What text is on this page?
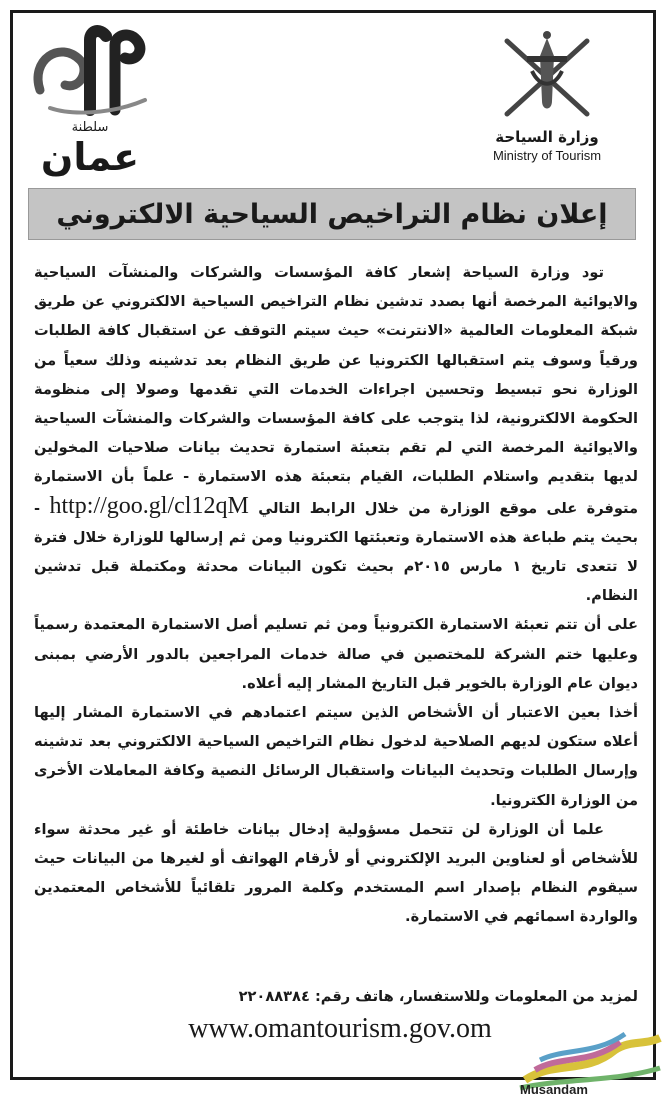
سلطنة
عمان	وزارة السياحة
Ministry of Tourism
إعلان نظام التراخيص السياحية الالكتروني

تود وزارة السياحة إشعار كافة المؤسسات والشركات والمنشآت السياحية والايوائية المرخصة أنها بصدد تدشين نظام التراخيص السياحية الالكتروني عن طريق شبكة المعلومات العالمية «الانترنت» حيث سيتم التوقف عن استقبال كافة الطلبات ورقياً وسوف يتم استقبالها الكترونيا عن طريق النظام بعد تدشينه وذلك سعياً من الوزارة نحو تبسيط وتحسين اجراءات الخدمات التي تقدمها وصولا إلى منظومة الحكومة الالكترونية، لذا يتوجب على كافة المؤسسات والشركات والمنشآت السياحية والايوائية المرخصة التي لم تقم بتعبئة استمارة تحديث بيانات صلاحيات المخولين لديها بتقديم واستلام الطلبات، القيام بتعبئة هذه الاستمارة - علماً بأن الاستمارة متوفرة على موقع الوزارة من خلال الرابط التالي http://goo.gl/cl12qM - بحيث يتم طباعة هذه الاستمارة وتعبئتها الكترونيا ومن ثم إرسالها للوزارة خلال فترة لا تتعدى تاريخ ١ مارس ٢٠١٥م بحيث تكون البيانات محدثة ومكتملة قبل تدشين النظام.

على أن تتم تعبئة الاستمارة الكترونياً ومن ثم تسليم أصل الاستمارة المعتمدة رسمياً وعليها ختم الشركة للمختصين في صالة خدمات المراجعين بالدور الأرضي بمبنى ديوان عام الوزارة بالخوير قبل التاريخ المشار إليه أعلاه.

أخذا بعين الاعتبار أن الأشخاص الذين سيتم اعتمادهم في الاستمارة المشار إليها أعلاه ستكون لديهم الصلاحية لدخول نظام التراخيص السياحية الالكتروني بعد تدشينه وإرسال الطلبات وتحديث البيانات واستقبال الرسائل النصية وكافة المعاملات الأخرى من الوزارة الكترونيا.

علما أن الوزارة لن تتحمل مسؤولية إدخال بيانات خاطئة أو غير محدثة سواء للأشخاص أو لعناوين البريد الإلكتروني أو لأرقام الهواتف أو لغيرها من البيانات حيث سيقوم النظام بإصدار اسم المستخدم وكلمة المرور تلقائياً للأشخاص المعتمدين والواردة اسمائهم في الاستمارة.

لمزيد من المعلومات وللاستفسار، هاتف رقم: ٢٢٠٨٨٣٨٤
www.omantourism.gov.om
Musandam
